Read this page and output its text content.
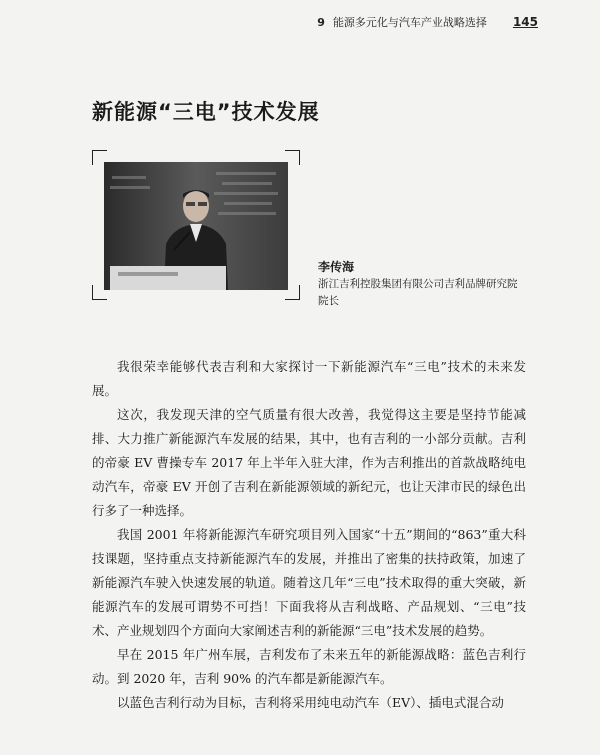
9 能源多元化与汽车产业战略选择 145
新能源“三电”技术发展
李传海
浙江吉利控股集团有限公司吉利品牌研究院院长

我很荣幸能够代表吉利和大家探讨一下新能源汽车“三电”技术的未来发展。

这次，我发现天津的空气质量有很大改善，我觉得这主要是坚持节能减排、大力推广新能源汽车发展的结果，其中，也有吉利的一小部分贡献。吉利的帝豪 EV 曹操专车 2017 年上半年入驻大津，作为吉利推出的首款战略纯电动汽车，帝豪 EV 开创了吉利在新能源领域的新纪元，也让天津市民的绿色出行多了一种选择。

我国 2001 年将新能源汽车研究项目列入国家“十五”期间的“863”重大科技课题，坚持重点支持新能源汽车的发展，并推出了密集的扶持政策，加速了新能源汽车驶入快速发展的轨道。随着这几年“三电”技术取得的重大突破，新能源汽车的发展可谓势不可挡！下面我将从吉利战略、产品规划、“三电”技术、产业规划四个方面向大家阐述吉利的新能源“三电”技术发展的趋势。

早在 2015 年广州车展，吉利发布了未来五年的新能源战略：蓝色吉利行动。到 2020 年，吉利 90% 的汽车都是新能源汽车。

以蓝色吉利行动为目标，吉利将采用纯电动汽车（EV）、插电式混合动
